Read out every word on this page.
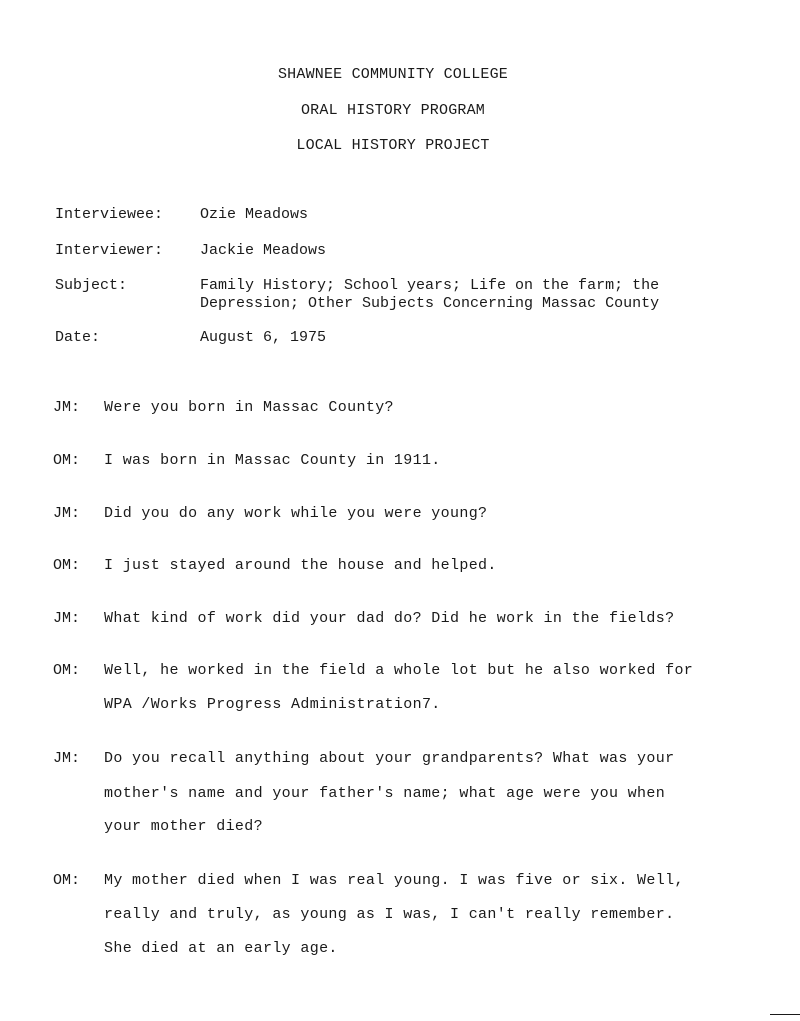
SHAWNEE COMMUNITY COLLEGE
ORAL HISTORY PROGRAM
LOCAL HISTORY PROJECT
Interviewee: Ozie Meadows
Interviewer: Jackie Meadows
Subject:	Family History; School years; Life on the farm; the
Depression; Other Subjects Concerning Massac County
Date:	August 6, 1975
JM: Were you born in Massac County?
OM: I was born in Massac County in 1911.
JM: Did you do any work while you were young?
OM: I just stayed around the house and helped.
JM: What kind of work did your dad do? Did he work in the fields?
OM: Well, he worked in the field a whole lot but he also worked for
WPA /Works Progress Administration7.
JM: Do you recall anything about your grandparents? What was your
mother's name and your father's name; what age were you when
your mother died?
OM: My mother died when I was real young. I was five or six. Well,
really and truly, as young as I was, I can't really remember.
She died at an early age.
